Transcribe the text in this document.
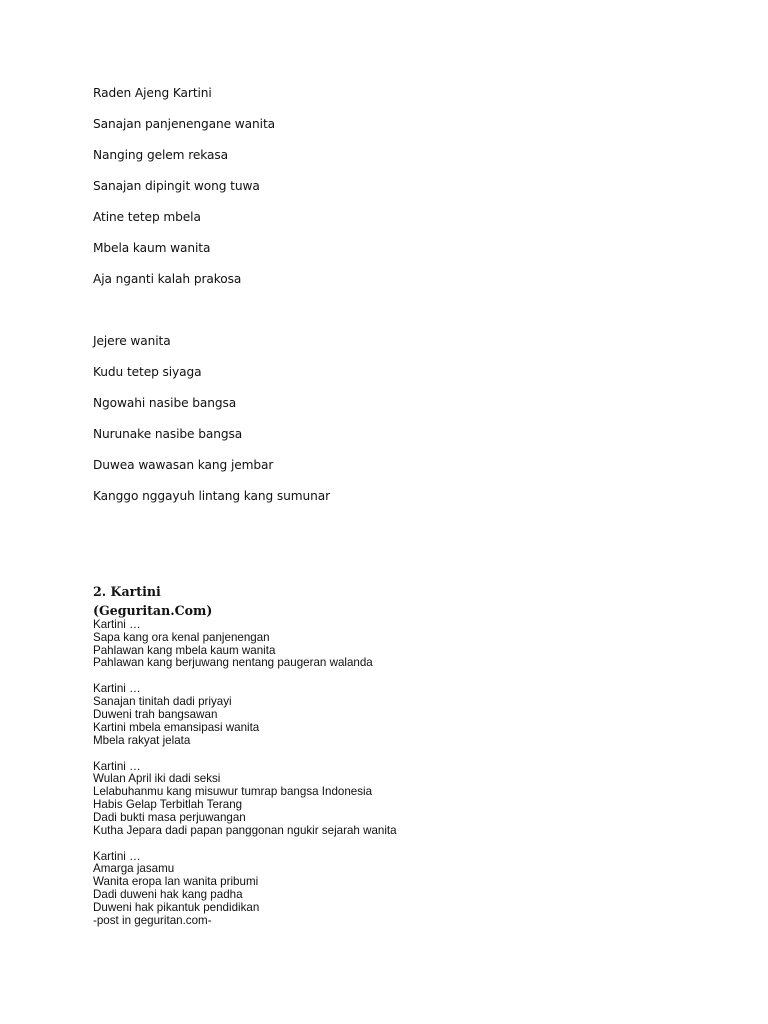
Raden Ajeng Kartini
Sanajan panjenengane wanita
Nanging gelem rekasa
Sanajan dipingit wong tuwa
Atine tetep mbela
Mbela kaum wanita
Aja nganti kalah prakosa
Jejere wanita
Kudu tetep siyaga
Ngowahi nasibe bangsa
Nurunake nasibe bangsa
Duwea wawasan kang jembar
Kanggo nggayuh lintang kang sumunar
2. Kartini
(Geguritan.Com)
Kartini …
Sapa kang ora kenal panjenengan
Pahlawan kang mbela kaum wanita
Pahlawan kang berjuwang nentang paugeran walanda
Kartini …
Sanajan tinitah dadi priyayi
Duweni trah bangsawan
Kartini mbela emansipasi wanita
Mbela rakyat jelata
Kartini …
Wulan April iki dadi seksi
Lelabuhanmu kang misuwur tumrap bangsa Indonesia
Habis Gelap Terbitlah Terang
Dadi bukti masa perjuwangan
Kutha Jepara dadi papan panggonan ngukir sejarah wanita
Kartini …
Amarga jasamu
Wanita eropa lan wanita pribumi
Dadi duweni hak kang padha
Duweni hak pikantuk pendidikan
-post in geguritan.com-
